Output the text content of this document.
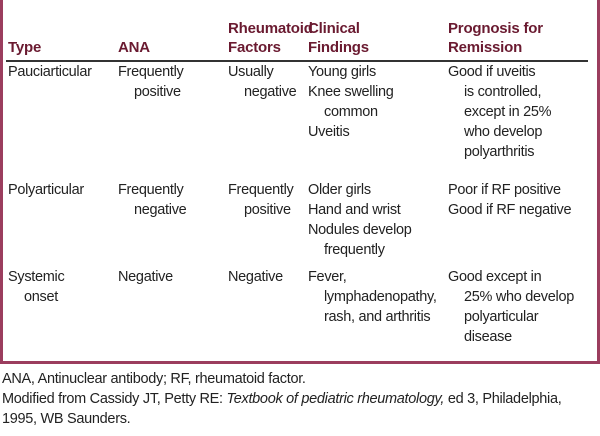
Type	ANA
Rheumatoid
Factors
Clinical
Findings
Prognosis for
Remission
Pauciarticular Frequently
positive
Usually
negative
Young girls
Knee swelling
common
Uveitis
Good if uveitis
is controlled,
except in 25%
who develop
polyarthritis
Polyarticular Frequently
negative
Frequently
positive
Older girls
Hand and wrist
Nodules develop
frequently
Poor if RF positive
Good if RF negative
Systemic
onset
Negative	Negative Fever,
lymphadenopathy,
rash, and arthritis
Good except in
25% who develop
polyarticular
disease
ANA, Antinuclear antibody; RF, rheumatoid factor.
Modified from Cassidy JT, Petty RE: Textbook of pediatric rheumatology, ed 3, Philadelphia,
1995, WB Saunders.
